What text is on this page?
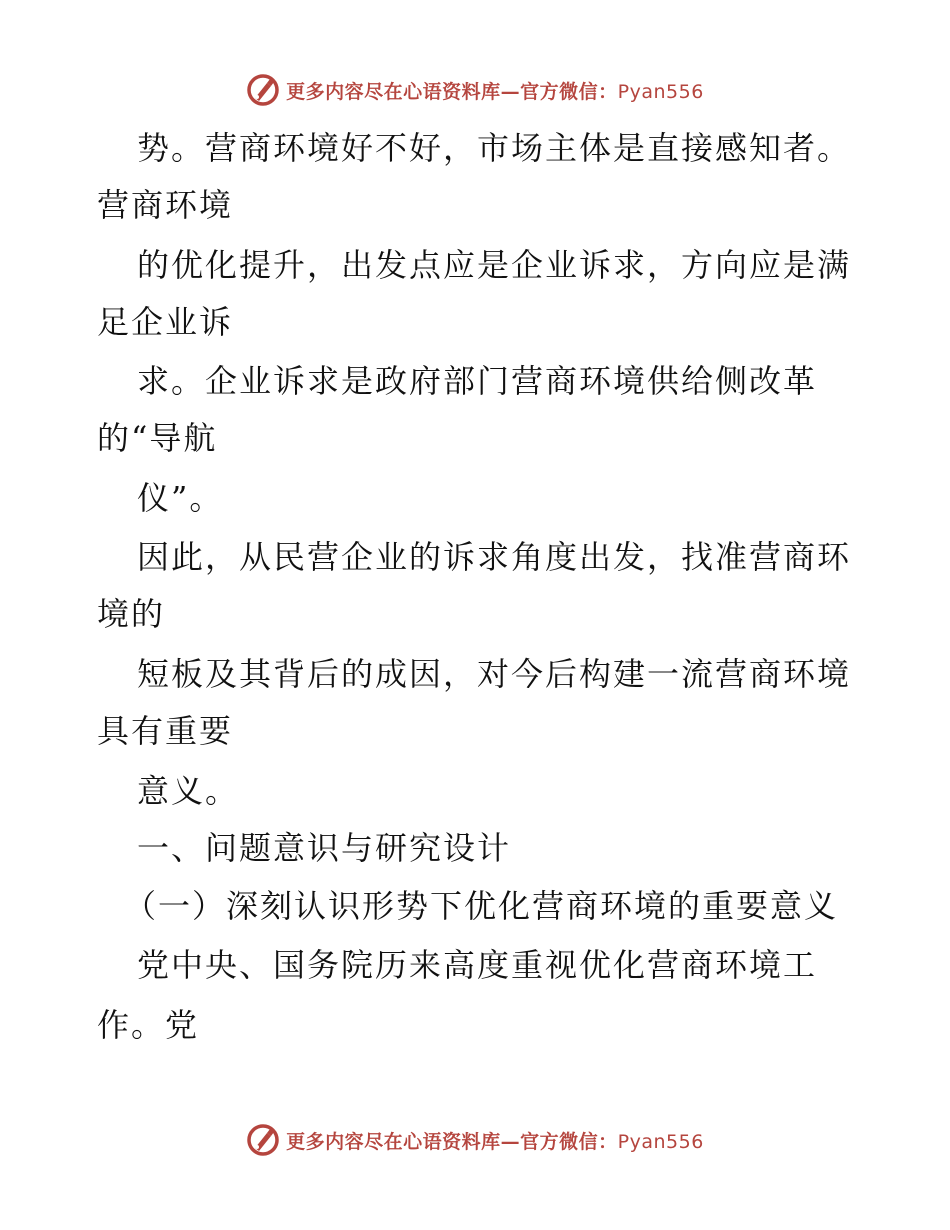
更多内容尽在心语资料库—官方微信：Pyan556
势。营商环境好不好，市场主体是直接感知者。
营商环境
的优化提升，出发点应是企业诉求，方向应是满
足企业诉
求。企业诉求是政府部门营商环境供给侧改革
的“导航
仪”。
因此，从民营企业的诉求角度出发，找准营商环
境的
短板及其背后的成因，对今后构建一流营商环境
具有重要
意义。
一、问题意识与研究设计
（一）深刻认识形势下优化营商环境的重要意义
党中央、国务院历来高度重视优化营商环境工
作。党
更多内容尽在心语资料库—官方微信：Pyan556
